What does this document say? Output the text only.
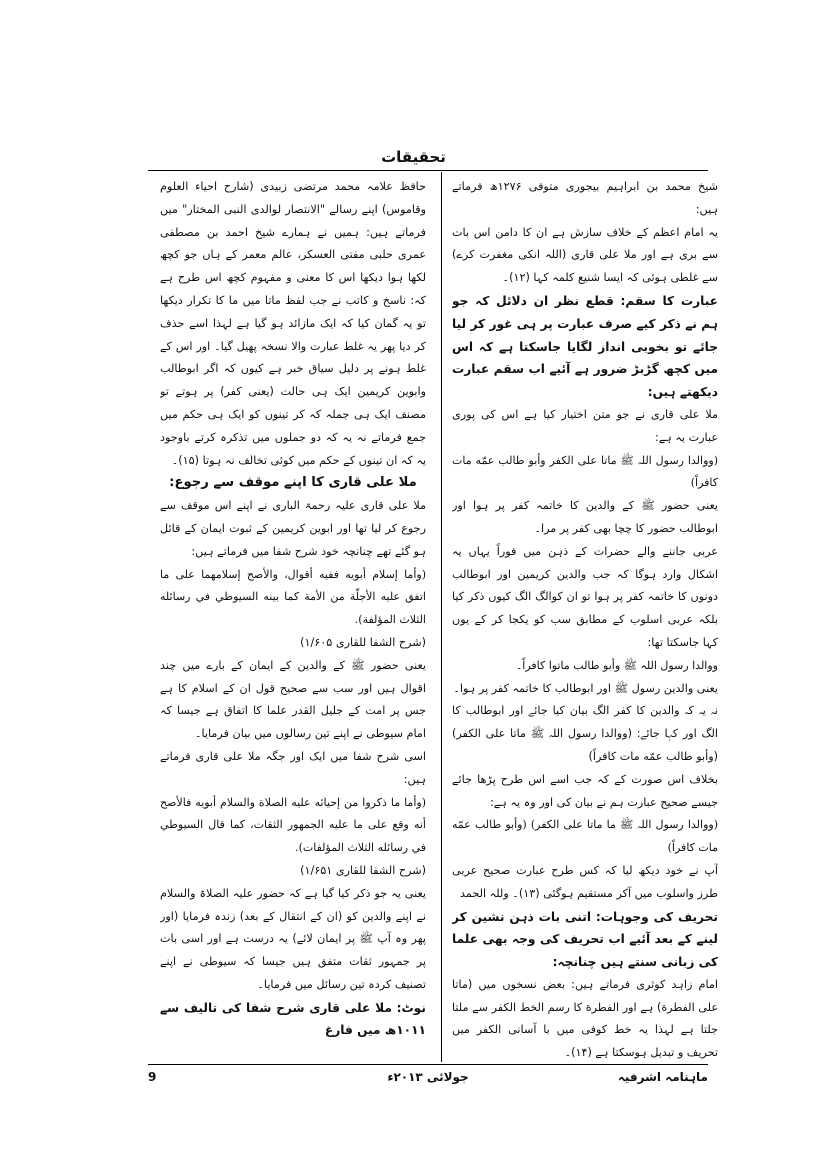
تحقیقات

شیخ محمد بن ابراہیم بیجوری متوفی ۱۲۷۶ھ فرماتے ہیں:

یہ امام اعظم کے خلاف سازش ہے ان کا دامن اس بات سے بری ہے اور ملا علی قاری (اللہ انکی مغفرت کرے) سے غلطی ہوئی کہ ایسا شنیع کلمہ کہا (۱۲)۔

عبارت کا سقم: قطع نظر ان دلائل کہ جو ہم نے ذکر کیے صرف عبارت پر ہی غور کر لیا جائے تو بخوبی انداز لگایا جاسکتا ہے کہ اس میں کچھ گڑبڑ ضرور ہے آئیے اب سقم عبارت دیکھتے ہیں:

ملا علی قاری نے جو متن اختیار کیا ہے اس کی پوری عبارت یہ ہے:

(ووالدا رسول اللہ ﷺ ماتا علی الکفر وأبو طالب عمّه مات کافراً)

یعنی حضور ﷺ کے والدین کا خاتمہ کفر پر ہوا اور ابوطالب حضور کا چچا بھی کفر پر مرا۔

عربی جاننے والے حضرات کے ذہن میں فوراً یہاں یہ اشکال وارد ہوگا کہ جب والدین کریمین اور ابوطالب دونوں کا خاتمہ کفر پر ہوا تو ان کوالگ الگ کیوں ذکر کیا بلکہ عربی اسلوب کے مطابق سب کو یکجا کر کے یوں کہا جاسکتا تھا:

ووالدا رسول اللہ ﷺ وأبو طالب ماتوا کافراً۔

یعنی والدین رسول ﷺ اور ابوطالب کا خاتمہ کفر پر ہوا۔

نہ یہ کہ والدین کا کفر الگ بیان کیا جائے اور ابوطالب کا الگ اور کہا جائے: (ووالدا رسول اللہ ﷺ ماتا علی الکفر) (وأبو طالب عمّه مات کافراً)

بخلاف اس صورت کے کہ جب اسے اس طرح پڑھا جائے جیسے صحیح عبارت ہم نے بیان کی اور وہ یہ ہے:

(ووالدا رسول اللہ ﷺ ما ماتا علی الکفر) (وأبو طالب عمّه مات کافراً)

آپ نے خود دیکھ لیا کہ کس طرح عبارت صحیح عربی طرز واسلوب میں آکر مستقیم ہوگئی (۱۳)۔ وللہ الحمد

تحریف کی وجوہات: اتنی بات ذہن نشین کر لینے کے بعد آئیے اب تحریف کی وجہ بھی علما کی زبانی سنتے ہیں چنانچہ:

امام زاہد کوثری فرماتے ہیں: بعض نسخوں میں (ماتا علی الفطرة) ہے اور الفطرة کا رسم الخط الکفر سے ملتا جلتا ہے لہذا یہ خط کوفی میں با آسانی الکفر میں تحریف و تبدیل ہوسکتا ہے (۱۴)۔

حافظ علامہ محمد مرتضی زبیدی (شارح احیاء العلوم وقاموس) اپنے رسالے "الانتصار لوالدی النبی المختار" میں فرماتے ہیں: ہمیں نے ہمارے شیخ احمد بن مصطفی عمری حلبی مفتی العسکر، عالم معمر کے ہاں جو کچھ لکھا ہوا دیکھا اس کا معنی و مفہوم کچھ اس طرح ہے کہ: ناسخ و کاتب نے جب لفظ ماتا میں ما کا تکرار دیکھا تو یہ گمان کیا کہ ایک مازائد ہو گیا ہے لہذا اسے حذف کر دیا پھر یہ غلط عبارت والا نسخہ پھیل گیا۔ اور اس کے غلط ہونے پر دلیل سیاق خبر ہے کیوں کہ اگر ابوطالب وابوین کریمین ایک ہی حالت (یعنی کفر) پر ہوتے تو مصنف ایک ہی جملہ کہ کر تینوں کو ایک ہی حکم میں جمع فرماتے نہ یہ کہ دو جملوں میں تذکرہ کرتے باوجود یہ کہ ان تینوں کے حکم میں کوئی تخالف نہ ہوتا (۱۵)۔

ملا علی قاری کا اپنے موقف سے رجوع:

ملا علی قاری علیہ رحمۃ الباری نے اپنے اس موقف سے رجوع کر لیا تھا اور ابوین کریمین کے ثبوت ایمان کے قائل ہو گئے تھے چنانچہ خود شرح شفا میں فرماتے ہیں:

(وأما إسلام أبويه ففيه أقوال، والأصح إسلامهما على ما اتفق عليه الأجلّة من الأمة كما بينه السيوطي في رسائله الثلاث المؤلفة).

(شرح الشفا للقاری ۱/۶۰۵)

یعنی حضور ﷺ کے والدین کے ایمان کے بارے میں چند اقوال ہیں اور سب سے صحیح قول ان کے اسلام کا ہے جس پر امت کے جلیل القدر علما کا اتفاق ہے جیسا کہ امام سیوطی نے اپنے تین رسالوں میں بیان فرمایا۔

اسی شرح شفا میں ایک اور جگہ ملا علی قاری فرماتے ہیں:

(وأما ما ذكروا من إحيائه عليه الصلاة والسلام أبويه فالأصح أنه وقع على ما عليه الجمهور الثقات، كما قال السيوطي في رسائله الثلاث المؤلفات).

(شرح الشفا للقاری ۱/۶۵۱)

یعنی یہ جو ذکر کیا گیا ہے کہ حضور علیہ الصلاۃ والسلام نے اپنے والدین کو (ان کے انتقال کے بعد) زندہ فرمایا (اور پھر وہ آپ ﷺ پر ایمان لائے) یہ درست ہے اور اسی بات پر جمہور ثقات متفق ہیں جیسا کہ سیوطی نے اپنے تصنیف کردہ تین رسائل میں فرمایا۔

نوٹ: ملا علی قاری شرح شفا کی تالیف سے ۱۰۱۱ھ میں فارغ

9	جولائی ۲۰۱۳ء	ماہنامہ اشرفیہ
